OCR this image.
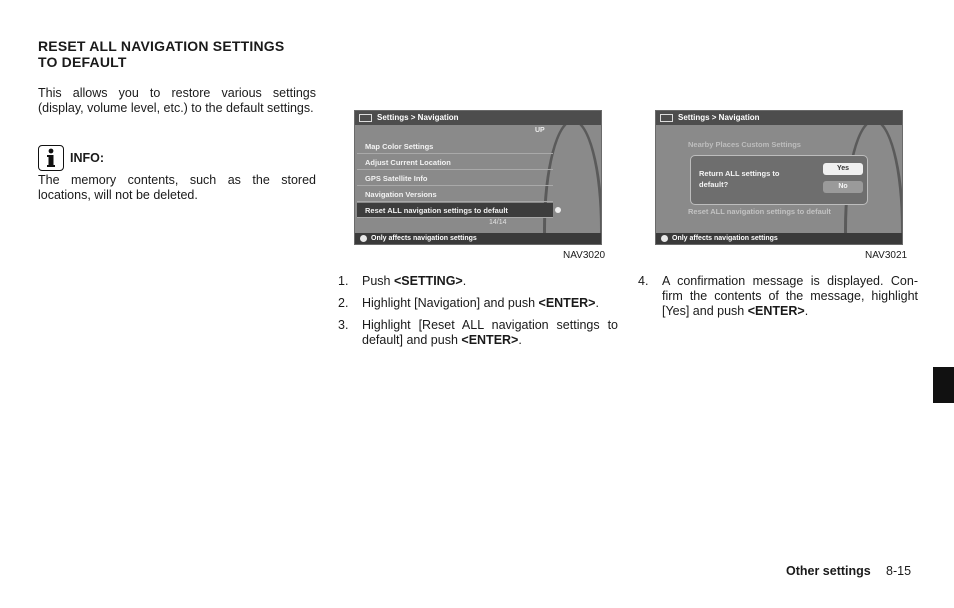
RESET ALL NAVIGATION SETTINGS
TO DEFAULT
This allows you to restore various settings (display, volume level, etc.) to the default settings.
INFO:
The memory contents, such as the stored locations, will not be deleted.
Settings > Navigation
UP
Map Color Settings
Adjust Current Location
GPS Satellite Info
Navigation Versions
Reset ALL navigation settings to default
14/14
Only affects navigation settings
NAV3020
Settings > Navigation
Nearby Places Custom Settings
Return ALL settings to
default?
Yes
No
Reset ALL navigation settings to default
Only affects navigation settings
NAV3021
1.	Push <SETTING>.
2.	Highlight [Navigation] and push <ENTER>.
3.	Highlight [Reset ALL navigation settings to default] and push <ENTER>.
4.	A confirmation message is displayed. Con-firm the contents of the message, highlight [Yes] and push <ENTER>.
Other settings 8-15
